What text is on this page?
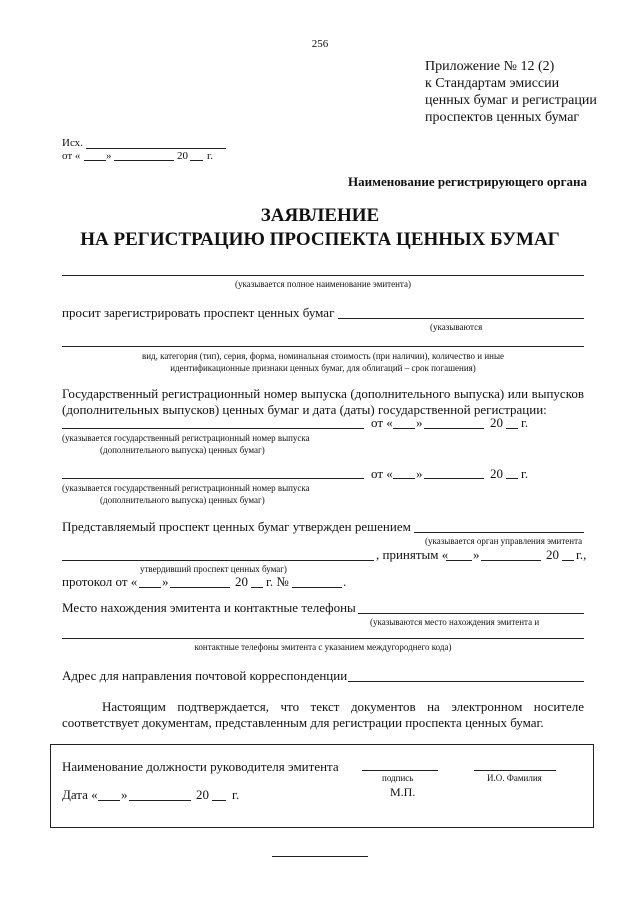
256
Приложение № 12 (2)
к Стандартам эмиссии
ценных бумаг и регистрации
проспектов ценных бумаг
Исх.
от « »	20 г.
Наименование регистрирующего органа
ЗАЯВЛЕНИЕ
НА РЕГИСТРАЦИЮ ПРОСПЕКТА ЦЕННЫХ БУМАГ
(указывается полное наименование эмитента)
просит зарегистрировать проспект ценных бумаг
(указываются
вид, категория (тип), серия, форма, номинальная стоимость (при наличии), количество и иные
идентификационные признаки ценных бумаг, для облигаций – срок погашения)
Государственный регистрационный номер выпуска (дополнительного выпуска) или выпусков
(дополнительных выпусков) ценных бумаг и дата (даты) государственной регистрации:
от « »	20 г.
(указывается государственный регистрационный номер выпуска
(дополнительного выпуска) ценных бумаг)
от « »	20 г.
(указывается государственный регистрационный номер выпуска
(дополнительного выпуска) ценных бумаг)
Представляемый проспект ценных бумаг утвержден решением
(указывается орган управления эмитента
, принятым « »	20 г.,
утвердивший проспект ценных бумаг)
протокол от « »	20 г. №	.
Место нахождения эмитента и контактные телефоны
(указываются место нахождения эмитента и
контактные телефоны эмитента с указанием междугороднего кода)
Адрес для направления почтовой корреспонденции
Настоящим подтверждается, что текст документов на электронном носителе
соответствует документам, представленным для регистрации проспекта ценных бумаг.
Наименование должности руководителя эмитента
подпись	И.О. Фамилия
М.П.
Дата « »	20 г.
